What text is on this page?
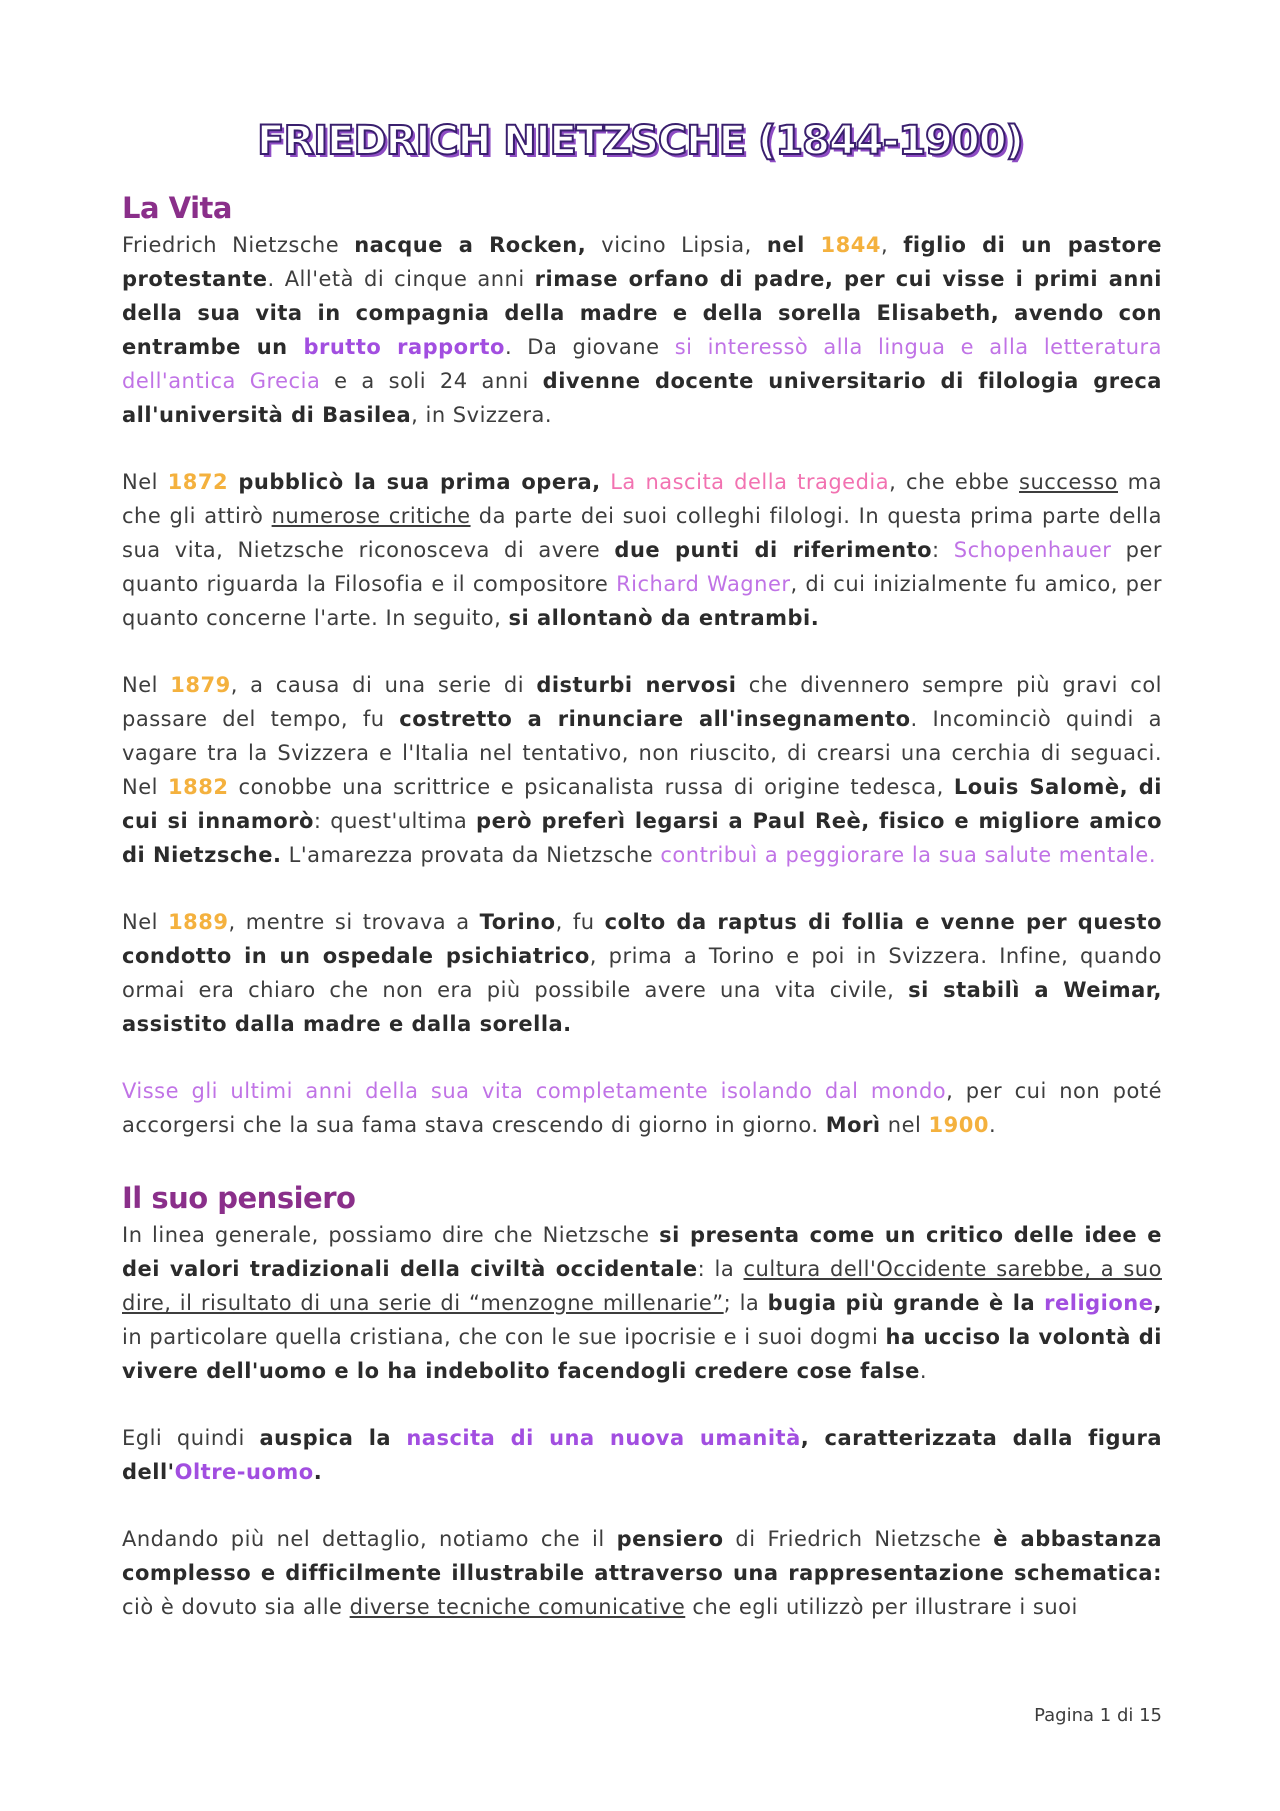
FRIEDRICH NIETZSCHE (1844-1900)
La Vita

Friedrich Nietzsche nacque a Rocken, vicino Lipsia, nel 1844, figlio di un pastore protestante. All'età di cinque anni rimase orfano di padre, per cui visse i primi anni della sua vita in compagnia della madre e della sorella Elisabeth, avendo con entrambe un brutto rapporto. Da giovane si interessò alla lingua e alla letteratura dell'antica Grecia e a soli 24 anni divenne docente universitario di filologia greca all'università di Basilea, in Svizzera.

Nel 1872 pubblicò la sua prima opera, La nascita della tragedia, che ebbe successo ma che gli attirò numerose critiche da parte dei suoi colleghi filologi. In questa prima parte della sua vita, Nietzsche riconosceva di avere due punti di riferimento: Schopenhauer per quanto riguarda la Filosofia e il compositore Richard Wagner, di cui inizialmente fu amico, per quanto concerne l'arte. In seguito, si allontanò da entrambi.

Nel 1879, a causa di una serie di disturbi nervosi che divennero sempre più gravi col passare del tempo, fu costretto a rinunciare all'insegnamento. Incominciò quindi a vagare tra la Svizzera e l'Italia nel tentativo, non riuscito, di crearsi una cerchia di seguaci. Nel 1882 conobbe una scrittrice e psicanalista russa di origine tedesca, Louis Salomè, di cui si innamorò: quest'ultima però preferì legarsi a Paul Reè, fisico e migliore amico di Nietzsche. L'amarezza provata da Nietzsche contribuì a peggiorare la sua salute mentale.

Nel 1889, mentre si trovava a Torino, fu colto da raptus di follia e venne per questo condotto in un ospedale psichiatrico, prima a Torino e poi in Svizzera. Infine, quando ormai era chiaro che non era più possibile avere una vita civile, si stabilì a Weimar, assistito dalla madre e dalla sorella.

Visse gli ultimi anni della sua vita completamente isolando dal mondo, per cui non poté accorgersi che la sua fama stava crescendo di giorno in giorno. Morì nel 1900.

Il suo pensiero

In linea generale, possiamo dire che Nietzsche si presenta come un critico delle idee e dei valori tradizionali della civiltà occidentale: la cultura dell'Occidente sarebbe, a suo dire, il risultato di una serie di “menzogne millenarie”; la bugia più grande è la religione, in particolare quella cristiana, che con le sue ipocrisie e i suoi dogmi ha ucciso la volontà di vivere dell'uomo e lo ha indebolito facendogli credere cose false.

Egli quindi auspica la nascita di una nuova umanità, caratterizzata dalla figura dell'Oltre-uomo.

Andando più nel dettaglio, notiamo che il pensiero di Friedrich Nietzsche è abbastanza complesso e difficilmente illustrabile attraverso una rappresentazione schematica: ciò è dovuto sia alle diverse tecniche comunicative che egli utilizzò per illustrare i suoi

Pagina 1 di 15
